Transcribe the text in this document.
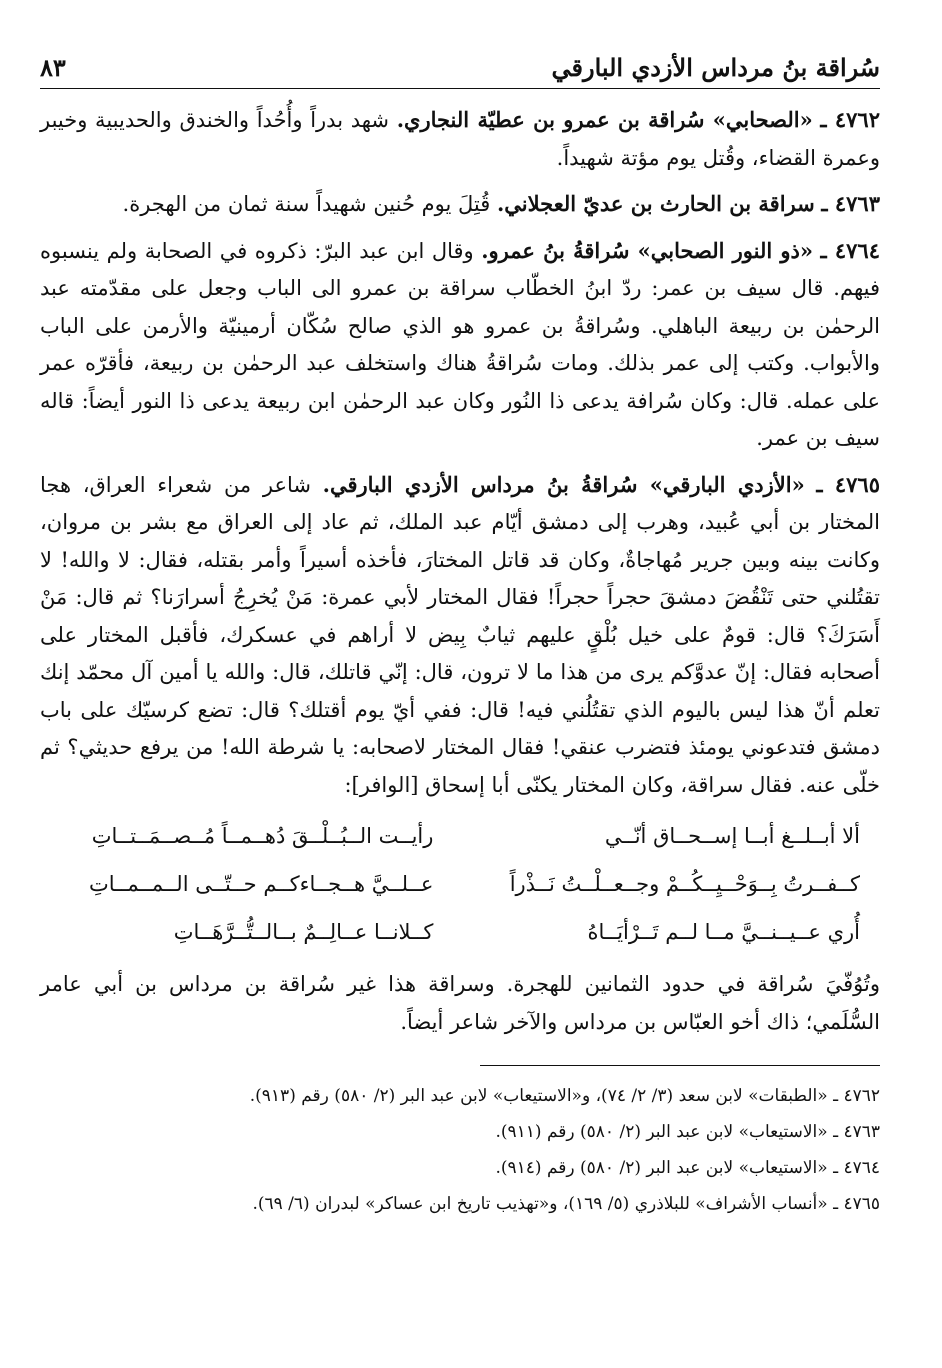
سُراقة بنُ مرداس الأزدي البارقي
٨٣

٤٧٦٢ ـ «الصحابي» سُراقة بن عمرو بن عطيّة النجاري. شهد بدراً وأُحُداً والخندق والحديبية وخيبر وعمرة القضاء، وقُتل يوم مؤتة شهيداً.

٤٧٦٣ ـ سراقة بن الحارث بن عديّ العجلاني. قُتِلَ يوم حُنين شهيداً سنة ثمان من الهجرة.

٤٧٦٤ ـ «ذو النور الصحابي» سُراقةُ بنُ عمرو. وقال ابن عبد البرّ: ذكروه في الصحابة ولم ينسبوه فيهم. قال سيف بن عمر: ردّ ابنُ الخطّاب سراقة بن عمرو الى الباب وجعل على مقدّمته عبد الرحمٰن بن ربيعة الباهلي. وسُراقةُ بن عمرو هو الذي صالح سُكّان أرمينيّة والأرمن على الباب والأبواب. وكتب إلى عمر بذلك. ومات سُراقةُ هناك واستخلف عبد الرحمٰن بن ربيعة، فأقرّه عمر على عمله. قال: وكان سُرافة يدعى ذا النُور وكان عبد الرحمٰن ابن ربيعة يدعى ذا النور أيضاً: قاله سيف بن عمر.

٤٧٦٥ ـ «الأزدي البارقي» سُراقةُ بنُ مرداس الأزدي البارقي. شاعر من شعراء العراق، هجا المختار بن أبي عُبيد، وهرب إلى دمشق أيّام عبد الملك، ثم عاد إلى العراق مع بشر بن مروان، وكانت بينه وبين جرير مُهاجاةٌ، وكان قد قاتل المختارَ، فأخذه أسيراً وأمر بقتله، فقال: لا والله! لا تقتُلني حتى تَنْقُضَ دمشقَ حجراً حجراً! فقال المختار لأبي عمرة: مَنْ يُخرِجُ أسرارَنا؟ ثم قال: مَنْ أَسَرَكَ؟ قال: قومٌ على خيل بُلْقٍ عليهم ثيابٌ بِيض لا أراهم في عسكرك، فأقبل المختار على أصحابه فقال: إنّ عدوَّكم يرى من هذا ما لا ترون، قال: إنّي قاتلك، قال: والله يا أمين آل محمّد إنك تعلم أنّ هذا ليس باليوم الذي تقتُلُني فيه! قال: ففي أيّ يوم أقتلك؟ قال: تضع كرسيّك على باب دمشق فتدعوني يومئذ فتضرب عنقي! فقال المختار لاصحابه: يا شرطة الله! من يرفع حديثي؟ ثم خلّى عنه. فقال سراقة، وكان المختار يكنّى أبا إسحاق [الوافر]:

ألا أبــلــغ أبــا إســحــاق أنّــي
رأيــت الــبُــلْــقَ دُهــمــاً مُــصــمَــتــاتِ
كــفــرتُ بِــوَحْــيِــكُــمْ وجــعــلْــتُ نَــذْراً
عــلــيَّ هــجــاءكــم حــتّــى الــمــمــاتِ
أُري عــيــنــيَّ مــا لــم تَــرْأيَــاهُ
كــلانــا عــالِــمٌ بــالــتُّــرَّهَــاتِ

وتُوُفّيَ سُراقة في حدود الثمانين للهجرة. وسراقة هذا غير سُراقة بن مرداس بن أبي عامر السُّلَمي؛ ذاك أخو العبّاس بن مرداس والآخر شاعر أيضاً.

٤٧٦٢ ـ «الطبقات» لابن سعد (٣/ ٢/ ٧٤)، و«الاستيعاب» لابن عبد البر (٢/ ٥٨٠) رقم (٩١٣).

٤٧٦٣ ـ «الاستيعاب» لابن عبد البر (٢/ ٥٨٠) رقم (٩١١).

٤٧٦٤ ـ «الاستيعاب» لابن عبد البر (٢/ ٥٨٠) رقم (٩١٤).

٤٧٦٥ ـ «أنساب الأشراف» للبلاذري (٥/ ١٦٩)، و«تهذيب تاريخ ابن عساكر» لبدران (٦/ ٦٩).
